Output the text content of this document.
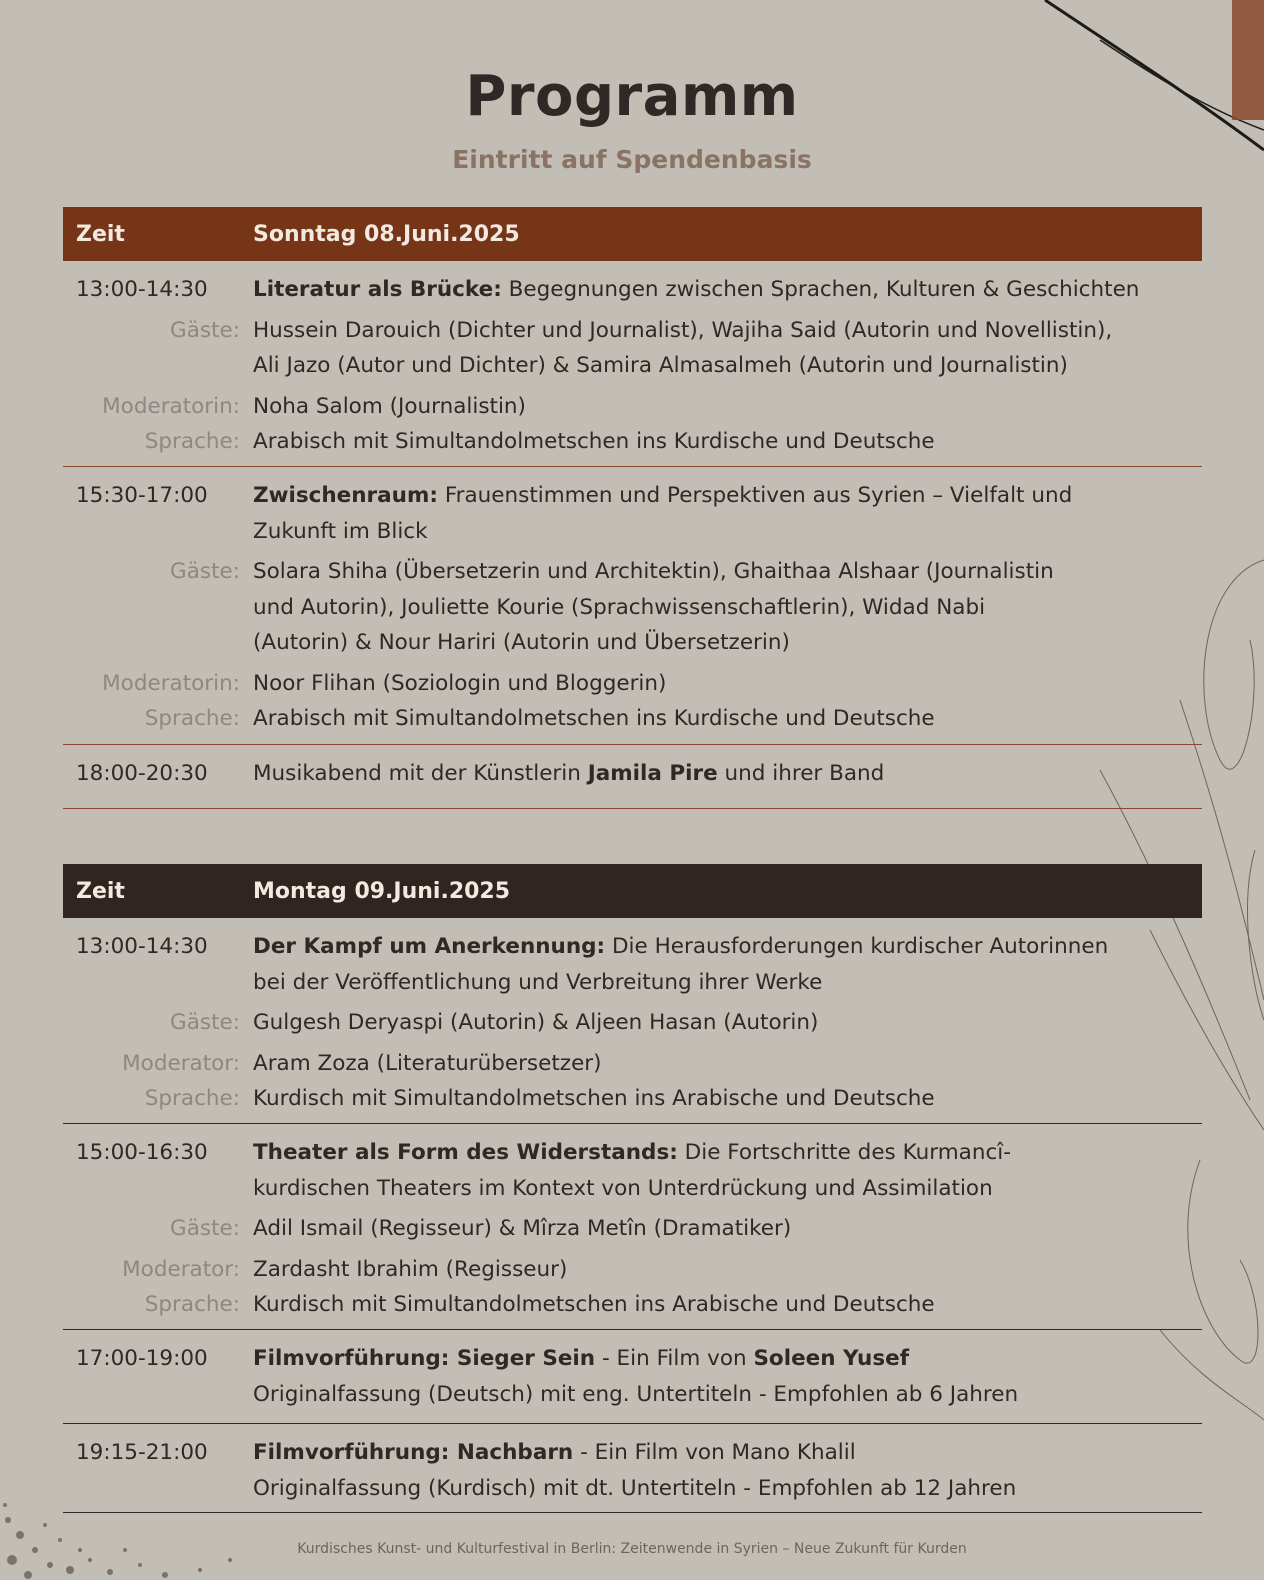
Programm
Eintritt auf Spendenbasis
Zeit	Sonntag 08.Juni.2025
13:00-14:30	Literatur als Brücke: Begegnungen zwischen Sprachen, Kulturen & Geschichten
Gäste: Hussein Darouich (Dichter und Journalist), Wajiha Said (Autorin und Novellistin),
Ali Jazo (Autor und Dichter) & Samira Almasalmeh (Autorin und Journalistin)
Moderatorin: Noha Salom (Journalistin)
Sprache: Arabisch mit Simultandolmetschen ins Kurdische und Deutsche
15:30-17:00	Zwischenraum: Frauenstimmen und Perspektiven aus Syrien – Vielfalt und
Zukunft im Blick
Gäste: Solara Shiha (Übersetzerin und Architektin), Ghaithaa Alshaar (Journalistin
und Autorin), Jouliette Kourie (Sprachwissenschaftlerin), Widad Nabi
(Autorin) & Nour Hariri (Autorin und Übersetzerin)
Moderatorin: Noor Flihan (Soziologin und Bloggerin)
Sprache: Arabisch mit Simultandolmetschen ins Kurdische und Deutsche
18:00-20:30	Musikabend mit der Künstlerin Jamila Pire und ihrer Band
Zeit	Montag 09.Juni.2025
13:00-14:30	Der Kampf um Anerkennung: Die Herausforderungen kurdischer Autorinnen
bei der Veröffentlichung und Verbreitung ihrer Werke
Gäste: Gulgesh Deryaspi (Autorin) & Aljeen Hasan (Autorin)
Moderator: Aram Zoza (Literaturübersetzer)
Sprache: Kurdisch mit Simultandolmetschen ins Arabische und Deutsche
15:00-16:30	Theater als Form des Widerstands: Die Fortschritte des Kurmancî-
kurdischen Theaters im Kontext von Unterdrückung und Assimilation
Gäste: Adil Ismail (Regisseur) & Mîrza Metîn (Dramatiker)
Moderator: Zardasht Ibrahim (Regisseur)
Sprache: Kurdisch mit Simultandolmetschen ins Arabische und Deutsche
17:00-19:00	Filmvorführung: Sieger Sein - Ein Film von Soleen Yusef
Originalfassung (Deutsch) mit eng. Untertiteln - Empfohlen ab 6 Jahren
19:15-21:00	Filmvorführung: Nachbarn - Ein Film von Mano Khalil
Originalfassung (Kurdisch) mit dt. Untertiteln - Empfohlen ab 12 Jahren
Kurdisches Kunst- und Kulturfestival in Berlin: Zeitenwende in Syrien – Neue Zukunft für Kurden
